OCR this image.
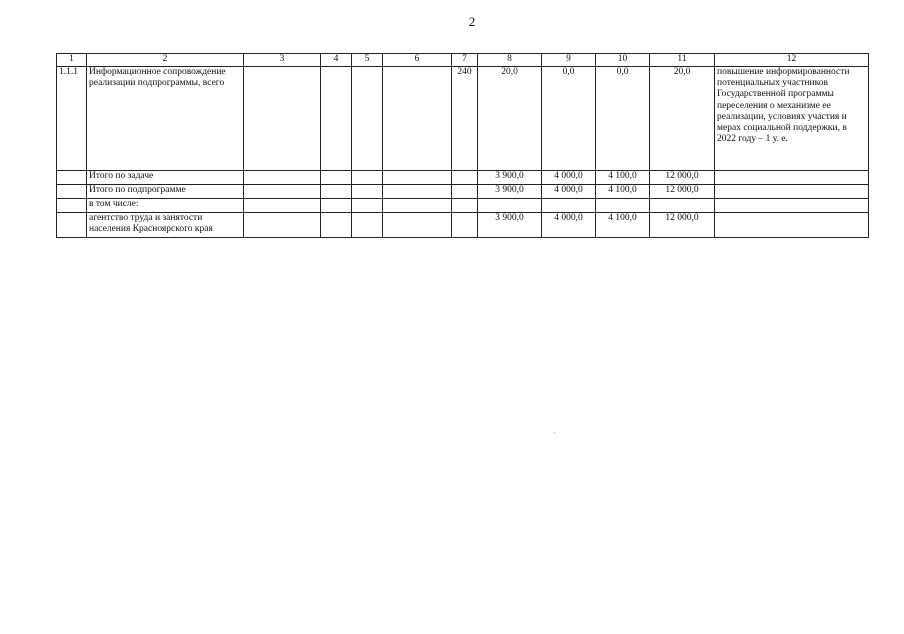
2
1	2	3	4	5	6	7	8	9	10	11	12
1.1.1	Информационное сопровождение реализации подпрограммы, всего					240	20,0	0,0	0,0	20,0	повышение информированности потенциальных участников Государственной программы переселения о механизме ее реализации, условиях участия и мерах социальной поддержки, в 2022 году – 1 у. е.
	Итого по задаче						3 900,0	4 000,0	4 100,0	12 000,0	
	Итого по подпрограмме						3 900,0	4 000,0	4 100,0	12 000,0	
	в том числе:										
	агентство труда и занятости населения Красноярского края						3 900,0	4 000,0	4 100,0	12 000,0	
